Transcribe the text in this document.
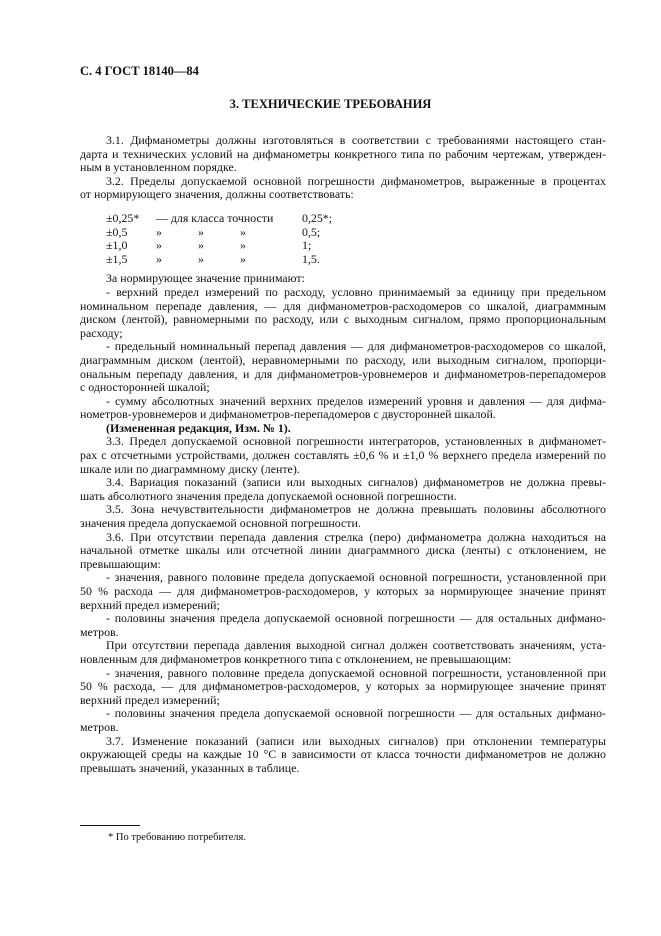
С. 4 ГОСТ 18140—84
3. ТЕХНИЧЕСКИЕ ТРЕБОВАНИЯ
3.1. Дифманометры должны изготовляться в соответствии с требованиями настоящего стан-
дарта и технических условий на дифманометры конкретного типа по рабочим чертежам, утвержден-
ным в установленном порядке.
3.2. Пределы допускаемой основной погрешности дифманометров, выраженные в процентах
от нормирующего значения, должны соответствовать:
±0,25*	— для класса точности	0,25*;
±0,5	»	»	»	0,5;
±1,0	»	»	»	1;
±1,5	»	»	»	1,5.
За нормирующее значение принимают:
- верхний предел измерений по расходу, условно принимаемый за единицу при предельном
номинальном перепаде давления, — для дифманометров-расходомеров со шкалой, диаграммным
диском (лентой), равномерными по расходу, или с выходным сигналом, прямо пропорциональным
расходу;
- предельный номинальный перепад давления — для дифманометров-расходомеров со шкалой,
диаграммным диском (лентой), неравномерными по расходу, или выходным сигналом, пропорци-
ональным перепаду давления, и для дифманометров-уровнемеров и дифманометров-перепадомеров
с односторонней шкалой;
- сумму абсолютных значений верхних пределов измерений уровня и давления — для дифма-
нометров-уровнемеров и дифманометров-перепадомеров с двусторонней шкалой.
(Измененная редакция, Изм. № 1).
3.3. Предел допускаемой основной погрешности интеграторов, установленных в дифманомет-
рах с отсчетными устройствами, должен составлять ±0,6 % и ±1,0 % верхнего предела измерений по
шкале или по диаграммному диску (ленте).
3.4. Вариация показаний (записи или выходных сигналов) дифманометров не должна превы-
шать абсолютного значения предела допускаемой основной погрешности.
3.5. Зона нечувствительности дифманометров не должна превышать половины абсолютного
значения предела допускаемой основной погрешности.
3.6. При отсутствии перепада давления стрелка (перо) дифманометра должна находиться на
начальной отметке шкалы или отсчетной линии диаграммного диска (ленты) с отклонением, не
превышающим:
- значения, равного половине предела допускаемой основной погрешности, установленной при
50 % расхода — для дифманометров-расходомеров, у которых за нормирующее значение принят
верхний предел измерений;
- половины значения предела допускаемой основной погрешности — для остальных дифмано-
метров.
При отсутствии перепада давления выходной сигнал должен соответствовать значениям, уста-
новленным для дифманометров конкретного типа с отклонением, не превышающим:
- значения, равного половине предела допускаемой основной погрешности, установленной при
50 % расхода, — для дифманометров-расходомеров, у которых за нормирующее значение принят
верхний предел измерений;
- половины значения предела допускаемой основной погрешности — для остальных дифмано-
метров.
3.7. Изменение показаний (записи или выходных сигналов) при отклонении температуры
окружающей среды на каждые 10 °С в зависимости от класса точности дифманометров не должно
превышать значений, указанных в таблице.
* По требованию потребителя.
